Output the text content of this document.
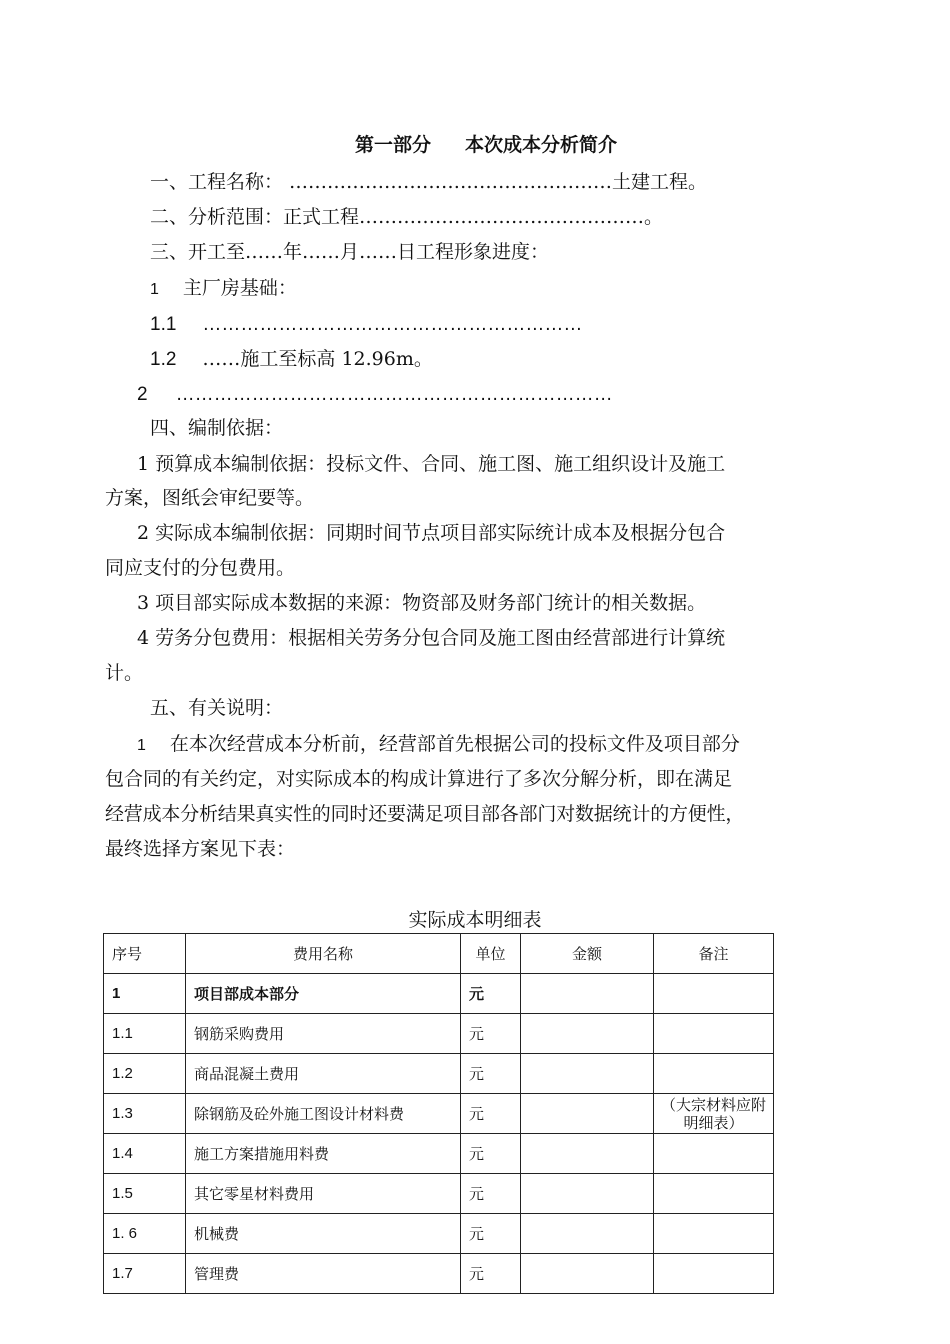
第一部分 本次成本分析简介
一、工程名称： ……………………………………………土建工程。
二、分析范围：正式工程………………………………………。
三、开工至……年……月……日工程形象进度：
1 主厂房基础：
1.1 ……………………………………………………
1.2 ……施工至标高 12.96m。
2 ……………………………………………………………
四、编制依据：
1 预算成本编制依据：投标文件、合同、施工图、施工组织设计及施工
方案，图纸会审纪要等。
2 实际成本编制依据：同期时间节点项目部实际统计成本及根据分包合
同应支付的分包费用。
3 项目部实际成本数据的来源：物资部及财务部门统计的相关数据。
4 劳务分包费用：根据相关劳务分包合同及施工图由经营部进行计算统
计。
五、有关说明：
1 在本次经营成本分析前，经营部首先根据公司的投标文件及项目部分
包合同的有关约定，对实际成本的构成计算进行了多次分解分析，即在满足
经营成本分析结果真实性的同时还要满足项目部各部门对数据统计的方便性，
最终选择方案见下表：
实际成本明细表
序号	费用名称	单位	金额	备注
1	项目部成本部分	元		
1.1	钢筋采购费用	元		
1.2	商品混凝土费用	元		
1.3	除钢筋及砼外施工图设计材料费	元		（大宗材料应附明细表）
1.4	施工方案措施用料费	元		
1.5	其它零星材料费用	元		
1. 6	机械费	元		
1.7	管理费	元		
